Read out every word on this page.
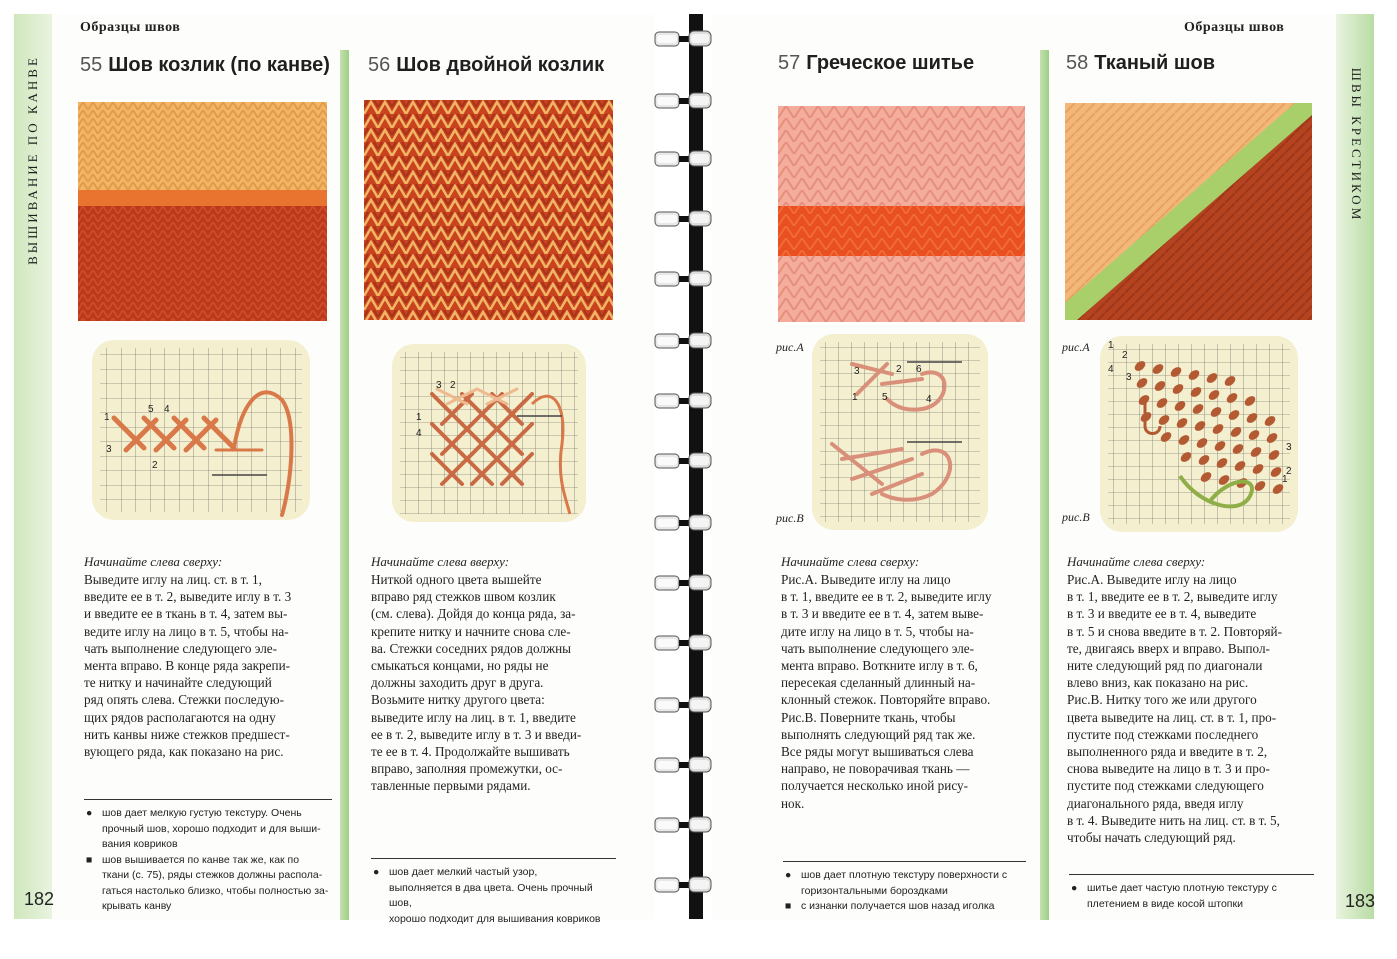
ВЫШИВАНИЕ ПО КАНВЕ	ШВЫ КРЕСТИКОМ
Образцы швов	Образцы швов
55 Шов козлик (по канве)
1
3
5 4
2
Начинайте слева сверху:

Выведите иглу на лиц. ст. в т. 1,
введите ее в т. 2, выведите иглу в т. 3
и введите ее в ткань в т. 4, затем вы-
ведите иглу на лицо в т. 5, чтобы на-
чать выполнение следующего эле-
мента вправо. В конце ряда закрепи-
те нитку и начинайте следующий
ряд опять слева. Стежки последую-
щих рядов располагаются на одну
нить канвы ниже стежков предшест-
вующего ряда, как показано на рис.

● шов дает мелкую густую текстуру. Очень
прочный шов, хорошо подходит и для выши-
вания ковриков
■ шов вышивается по канве так же, как по
ткани (с. 75), ряды стежков должны распола-
гаться настолько близко, чтобы полностью за-
крывать канву
56 Шов двойной козлик
3 2
1
4
Начинайте слева вверху:

Ниткой одного цвета вышейте
вправо ряд стежков швом козлик
(см. слева). Дойдя до конца ряда, за-
крепите нитку и начните снова сле-
ва. Стежки соседних рядов должны
смыкаться концами, но ряды не
должны заходить друг в друга.
Возьмите нитку другого цвета:
выведите иглу на лиц. в т. 1, введите
ее в т. 2, выведите иглу в т. 3 и введи-
те ее в т. 4. Продолжайте вышивать
вправо, заполняя промежутки, ос-
тавленные первыми рядами.

● шов дает мелкий частый узор,
выполняется в два цвета. Очень прочный шов,
хорошо подходит для вышивания ковриков
57 Греческое шитье
рис.А
рис.В
3	2 6
1 5	4
Начинайте слева сверху:

Рис.А. Выведите иглу на лицо
в т. 1, введите ее в т. 2, выведите иглу
в т. 3 и введите ее в т. 4, затем выве-
дите иглу на лицо в т. 5, чтобы на-
чать выполнение следующего эле-
мента вправо. Воткните иглу в т. 6,
пересекая сделанный длинный на-
клонный стежок. Повторяйте вправо.
Рис.В. Поверните ткань, чтобы
выполнять следующий ряд так же.
Все ряды могут вышиваться слева
направо, не поворачивая ткань —
получается несколько иной рису-
нок.

● шов дает плотную текстуру поверхности с
горизонтальными бороздками
■ с изнанки получается шов назад иголка
58 Тканый шов
рис.А
рис.В
1
4
2
3
3
2
1
Начинайте слева сверху:

Рис.А. Выведите иглу на лицо
в т. 1, введите ее в т. 2, выведите иглу
в т. 3 и введите ее в т. 4, выведите
в т. 5 и снова введите в т. 2. Повторяй-
те, двигаясь вверх и вправо. Выпол-
ните следующий ряд по диагонали
влево вниз, как показано на рис.
Рис.В. Нитку того же или другого
цвета выведите на лиц. ст. в т. 1, про-
пустите под стежками последнего
выполненного ряда и введите в т. 2,
снова выведите на лицо в т. 3 и про-
пустите под стежками следующего
диагонального ряда, введя иглу
в т. 4. Выведите нить на лиц. ст. в т. 5,
чтобы начать следующий ряд.

● шитье дает частую плотную текстуру с
плетением в виде косой штопки
182	183
